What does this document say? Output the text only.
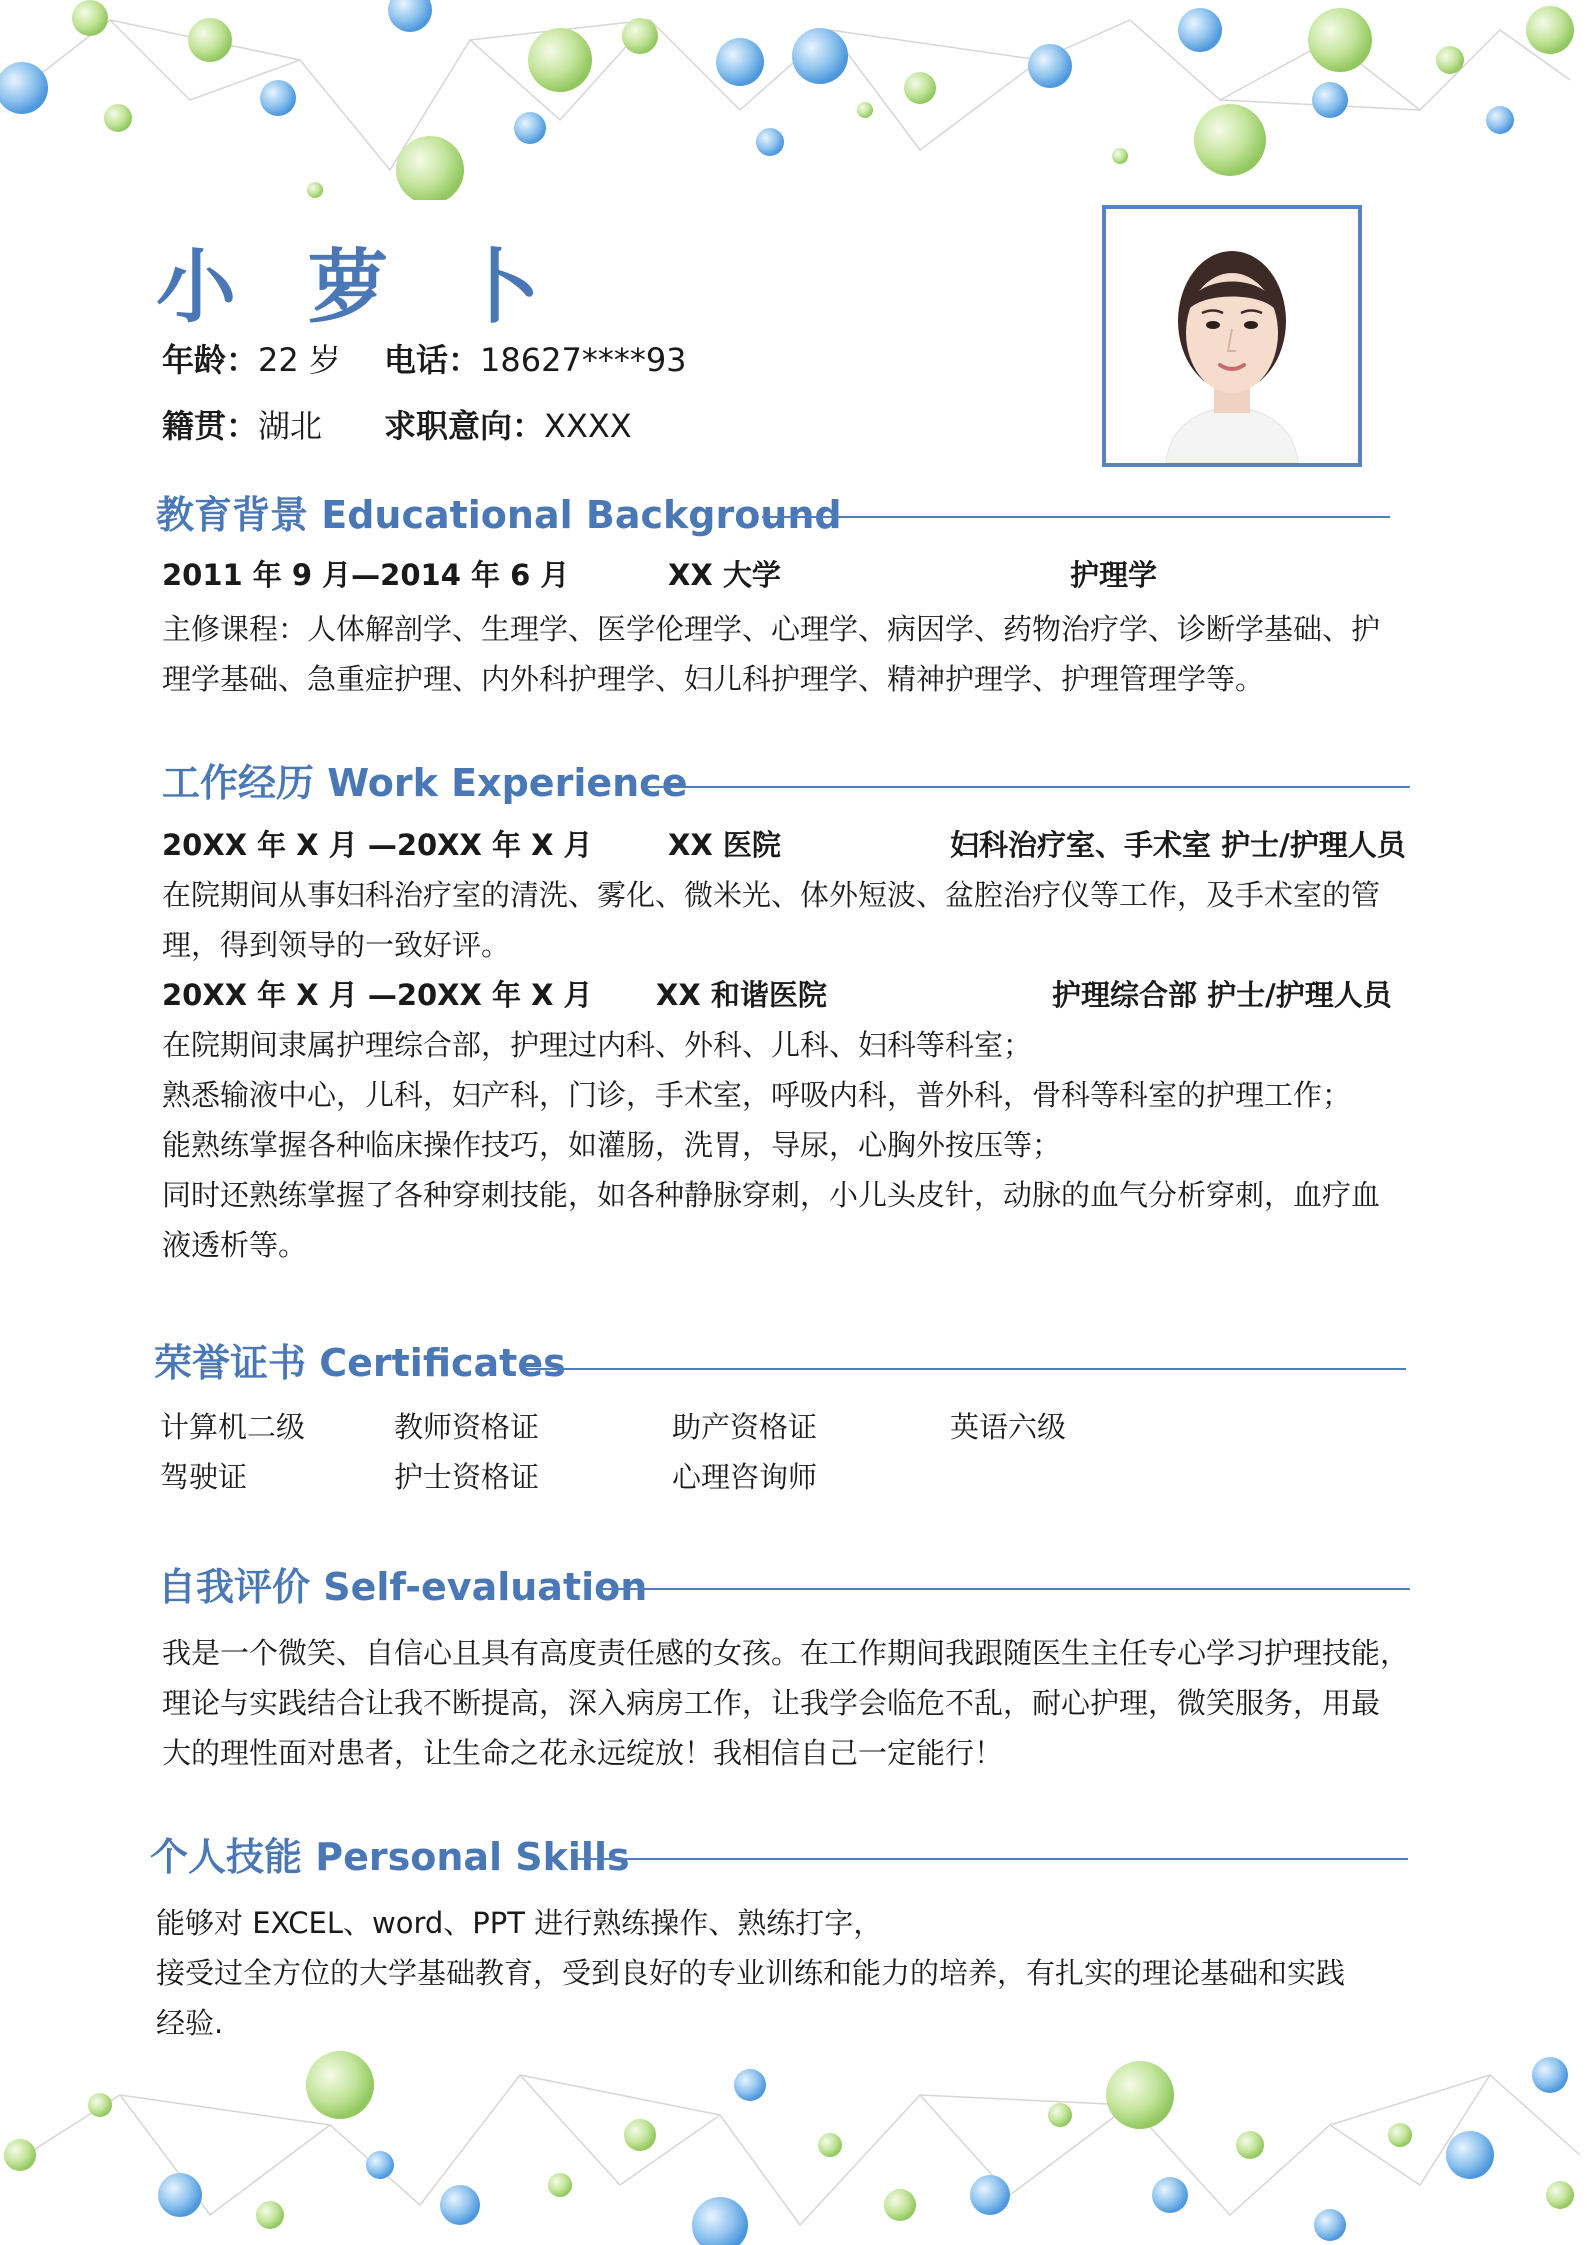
小 萝 卜
年龄：22 岁 电话：18627****93
籍贯：湖北 求职意向：XXXX
教育背景 Educational Background
2011 年 9 月—2014 年 6 月	XX 大学	护理学
主修课程：人体解剖学、生理学、医学伦理学、心理学、病因学、药物治疗学、诊断学基础、护
理学基础、急重症护理、内外科护理学、妇儿科护理学、精神护理学、护理管理学等。
工作经历 Work Experience
20XX 年 X 月 —20XX 年 X 月	XX 医院	妇科治疗室、手术室 护士/护理人员
在院期间从事妇科治疗室的清洗、雾化、微米光、体外短波、盆腔治疗仪等工作，及手术室的管
理，得到领导的一致好评。
20XX 年 X 月 —20XX 年 X 月 XX 和谐医院	护理综合部 护士/护理人员
在院期间隶属护理综合部，护理过内科、外科、儿科、妇科等科室；
熟悉输液中心，儿科，妇产科，门诊，手术室，呼吸内科，普外科，骨科等科室的护理工作；
能熟练掌握各种临床操作技巧，如灌肠，洗胃，导尿，心胸外按压等；
同时还熟练掌握了各种穿刺技能，如各种静脉穿刺，小儿头皮针，动脉的血气分析穿刺，血疗血
液透析等。
荣誉证书 Certificates
计算机二级	教师资格证	助产资格证	英语六级
驾驶证	护士资格证	心理咨询师
自我评价 Self-evaluation
我是一个微笑、自信心且具有高度责任感的女孩。在工作期间我跟随医生主任专心学习护理技能，
理论与实践结合让我不断提高，深入病房工作，让我学会临危不乱，耐心护理，微笑服务，用最
大的理性面对患者，让生命之花永远绽放！我相信自己一定能行！
个人技能 Personal Skills
能够对 EXCEL、word、PPT 进行熟练操作、熟练打字，
接受过全方位的大学基础教育，受到良好的专业训练和能力的培养，有扎实的理论基础和实践
经验.
